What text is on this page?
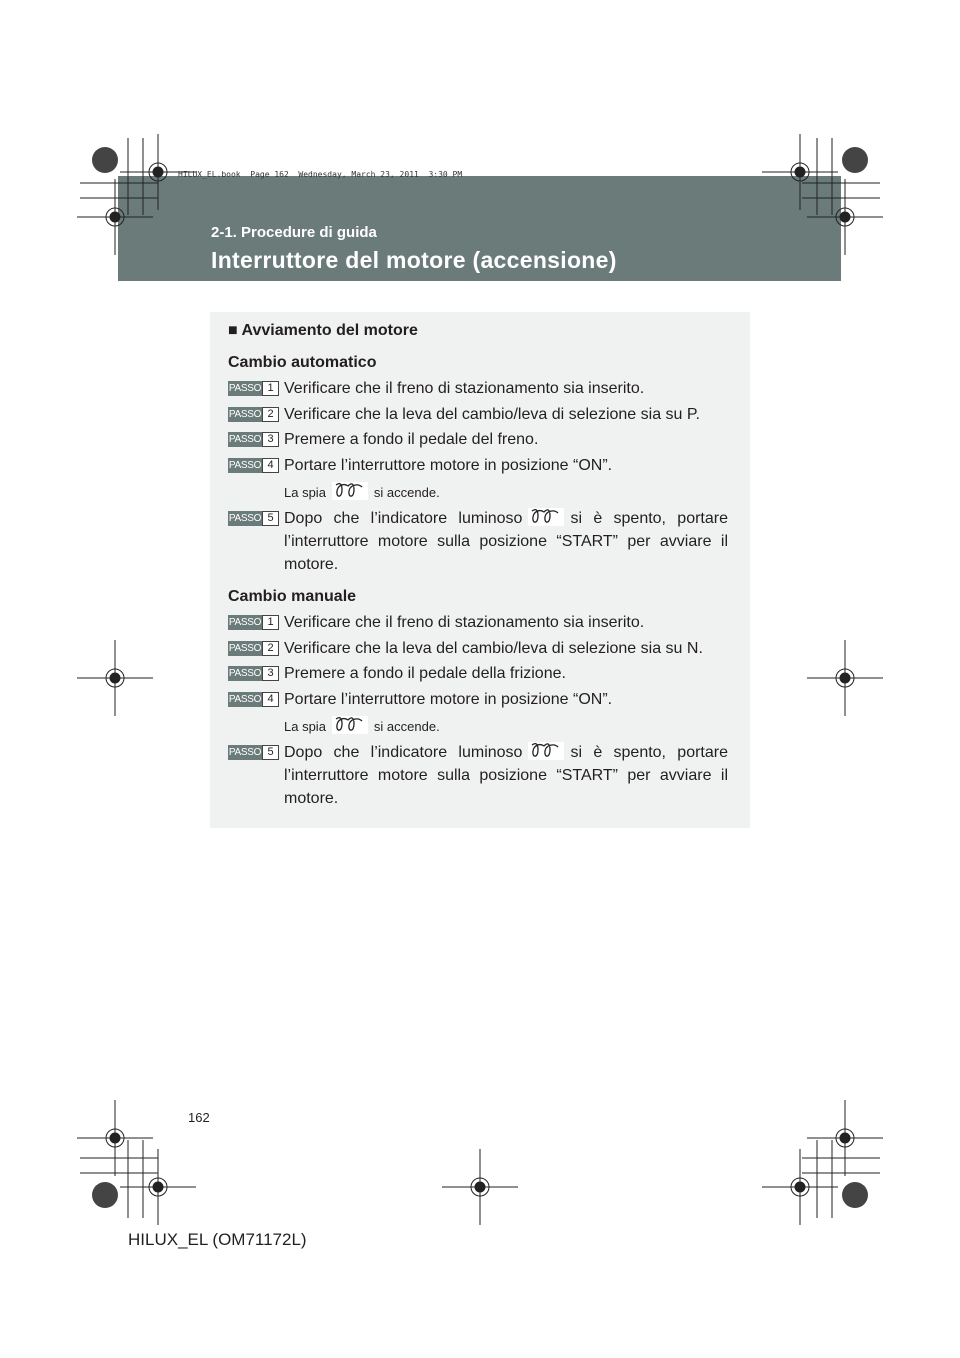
HILUX_EL.book  Page 162  Wednesday, March 23, 2011  3:30 PM
2-1. Procedure di guida
Interruttore del motore (accensione)
■ Avviamento del motore
Cambio automatico
PASSO 1 Verificare che il freno di stazionamento sia inserito.
PASSO 2 Verificare che la leva del cambio/leva di selezione sia su P.
PASSO 3 Premere a fondo il pedale del freno.
PASSO 4 Portare l’interruttore motore in posizione “ON”.
PASSO 5 Dopo che l’indicatore luminoso	si è spento, portare l’interruttore motore sulla posizione “START” per avviare il motore.
La spia	si accende.
Cambio manuale
PASSO 1 Verificare che il freno di stazionamento sia inserito.
PASSO 2 Verificare che la leva del cambio/leva di selezione sia su N.
PASSO 3 Premere a fondo il pedale della frizione.
PASSO 4 Portare l’interruttore motore in posizione “ON”.
PASSO 5 Dopo che l’indicatore luminoso	si è spento, portare l’interruttore motore sulla posizione “START” per avviare il motore.
La spia	si accende.
162
HILUX_EL (OM71172L)
